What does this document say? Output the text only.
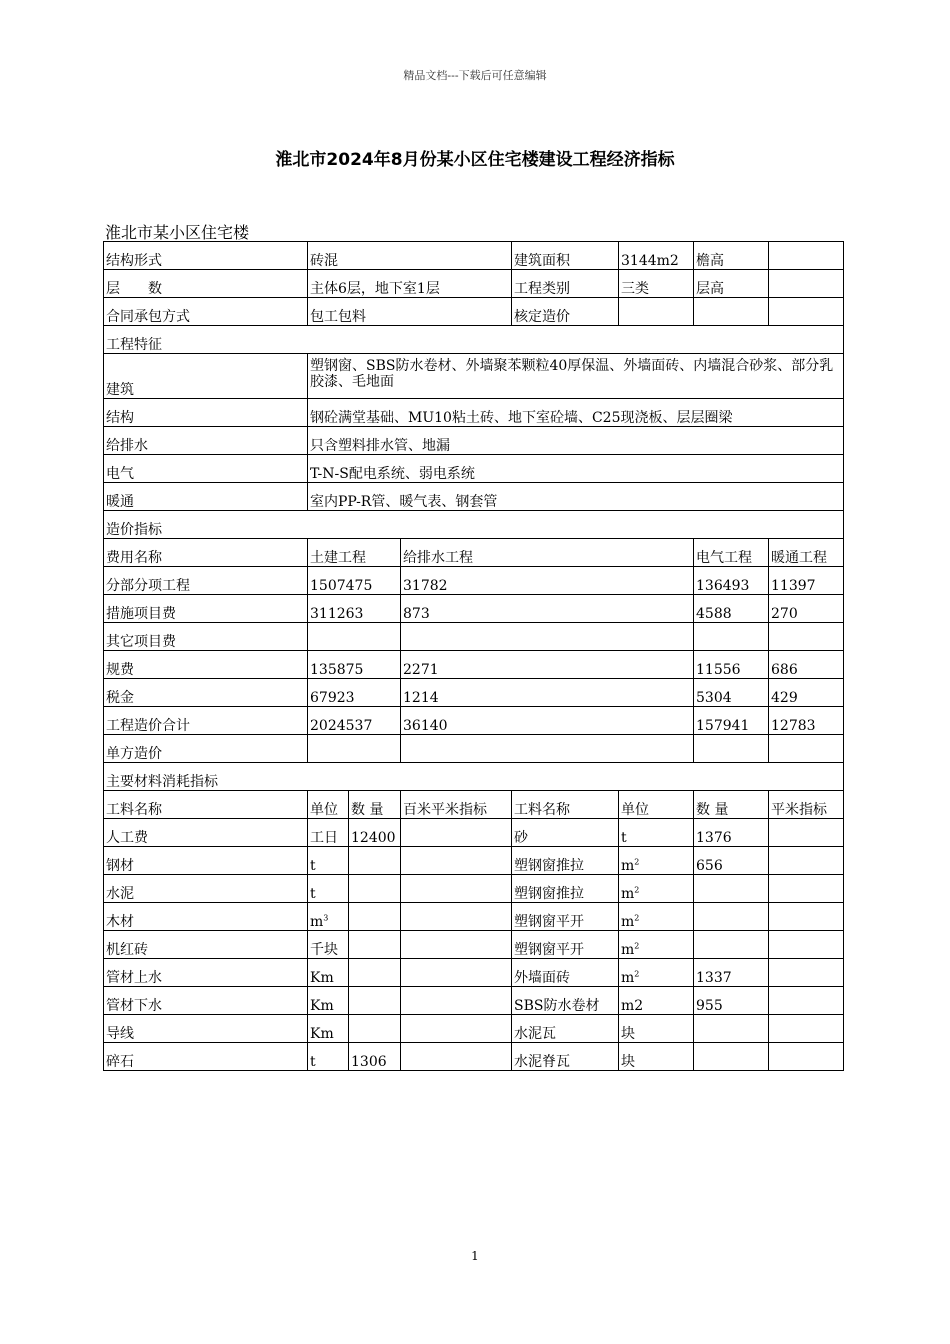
精品文档---下载后可任意编辑
淮北市2024年8月份某小区住宅楼建设工程经济指标
淮北市某小区住宅楼
结构形式	砖混			建筑面积	3144m2	檐高		
层　　数	主体6层，地下室1层			工程类别	三类	层高		
合同承包方式	包工包料			核定造价				
工程特征								
建筑	塑钢窗、SBS防水卷材、外墙聚苯颗粒40厚保温、外墙面砖、内墙混合砂浆、部分乳胶漆、毛地面							
结构	钢砼满堂基础、MU10粘土砖、地下室砼墙、C25现浇板、层层圈梁							
给排水	只含塑料排水管、地漏							
电气	T-N-S配电系统、弱电系统							
暖通	室内PP-R管、暖气表、钢套管							
造价指标								
费用名称	土建工程		给排水工程			电气工程	暖通工程	
分部分项工程	1507475		31782			136493	11397	
措施项目费	311263		873			4588	270	
其它项目费								
规费	135875		2271			11556	686	
税金	67923		1214			5304	429	
工程造价合计	2024537		36140			157941	12783	
单方造价								
主要材料消耗指标								
工料名称	单位	数 量	百米平米指标	工料名称	单位	数 量	平米指标	
人工费	工日	12400		砂	t	1376		
钢材	t			塑钢窗推拉	$m^2$	656		
水泥	t			塑钢窗推拉	$m^2$		
木材	$m^3$			塑钢窗平开	$m^2$		
机红砖	千块			塑钢窗平开	$m^2$		
管材上水	Km			外墙面砖	$m^2$	1337		
管材下水	Km			SBS防水卷材	m2	955		
导线	Km			水泥瓦	块			
碎石	t	1306		水泥脊瓦	块			
1
